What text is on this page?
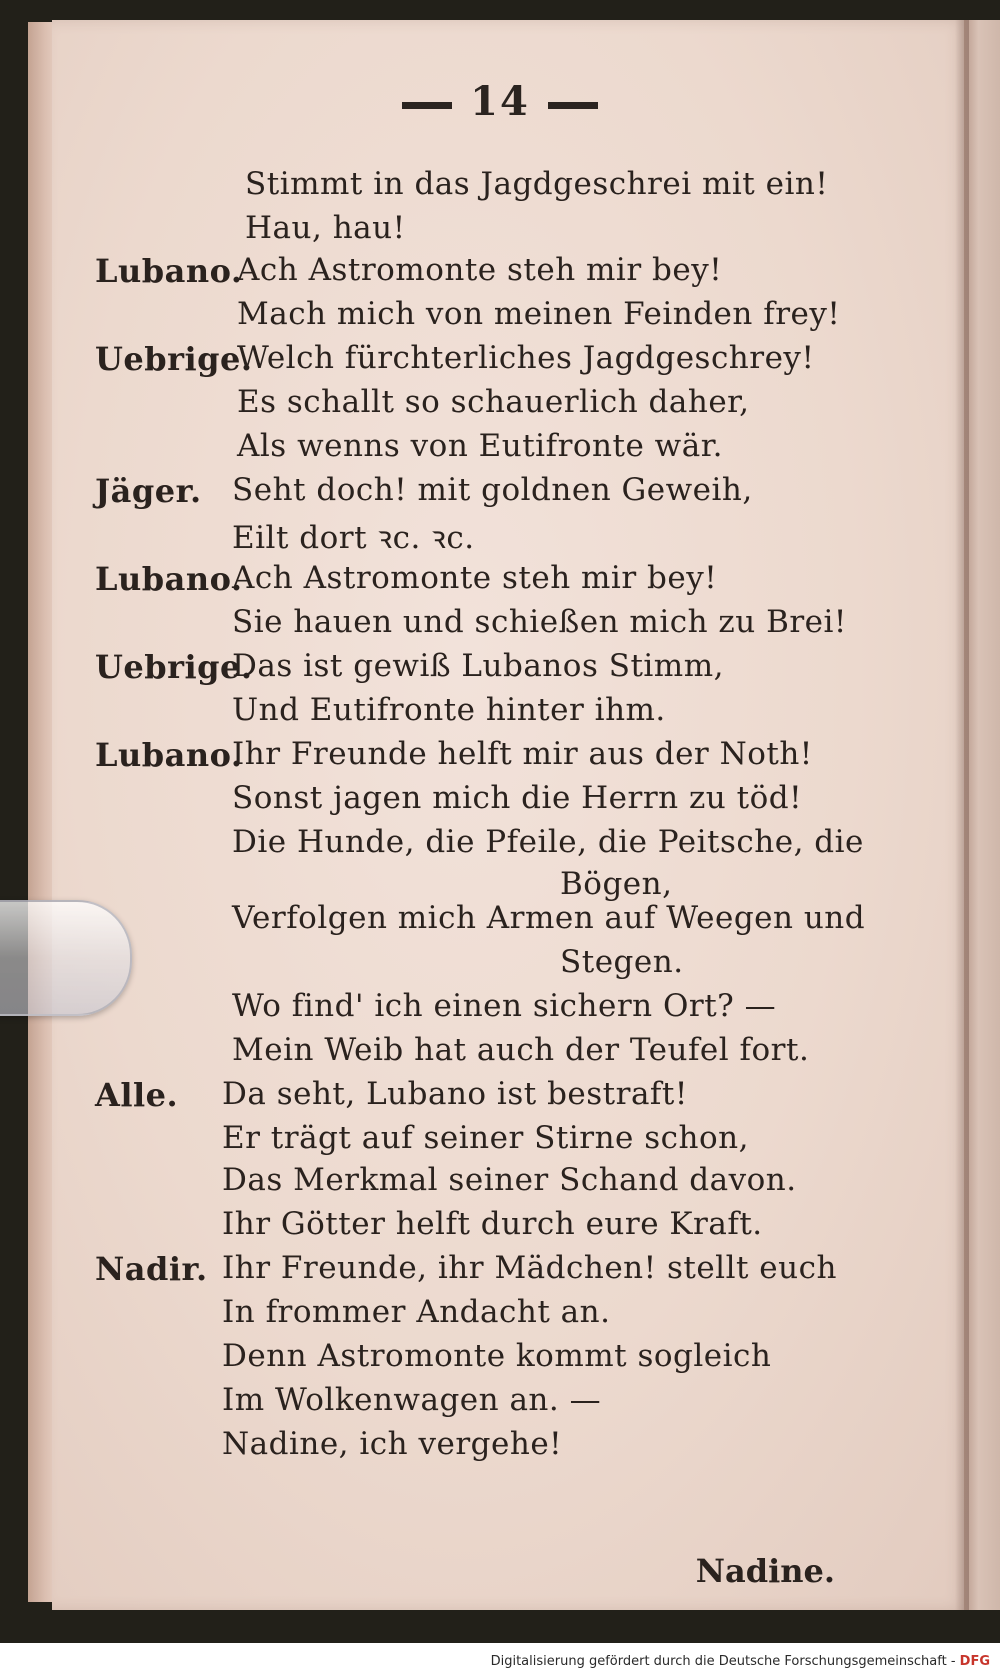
14
Stimmt in das Jagdgeschrei mit ein!
Hau, hau!
Lubano.
Ach Astromonte steh mir bey!
Mach mich von meinen Feinden frey!
Uebrige.
Welch fürchterliches Jagdgeschrey!
Es schallt so schauerlich daher,
Als wenns von Eutifronte wär.
Jäger. Seht doch! mit goldnen Geweih,
Eilt dort ꝛc. ꝛc.
Lubano.
Ach Astromonte steh mir bey!
Sie hauen und schießen mich zu Brei!
Uebrige.
Das ist gewiß Lubanos Stimm,
Und Eutifronte hinter ihm.
Lubano.
Ihr Freunde helft mir aus der Noth!
Sonst jagen mich die Herrn zu töd!
Die Hunde, die Pfeile, die Peitsche, die
Bögen,
Verfolgen mich Armen auf Weegen und
Stegen.
Wo find' ich einen sichern Ort? —
Mein Weib hat auch der Teufel fort.
Alle. Da seht, Lubano ist bestraft!
Er trägt auf seiner Stirne schon,
Das Merkmal seiner Schand davon.
Ihr Götter helft durch eure Kraft.
Nadir. Ihr Freunde, ihr Mädchen! stellt euch
In frommer Andacht an.
Denn Astromonte kommt sogleich
Im Wolkenwagen an. —
Nadine, ich vergehe!
Nadine.
Digitalisierung gefördert durch die Deutsche Forschungsgemeinschaft - DFG
